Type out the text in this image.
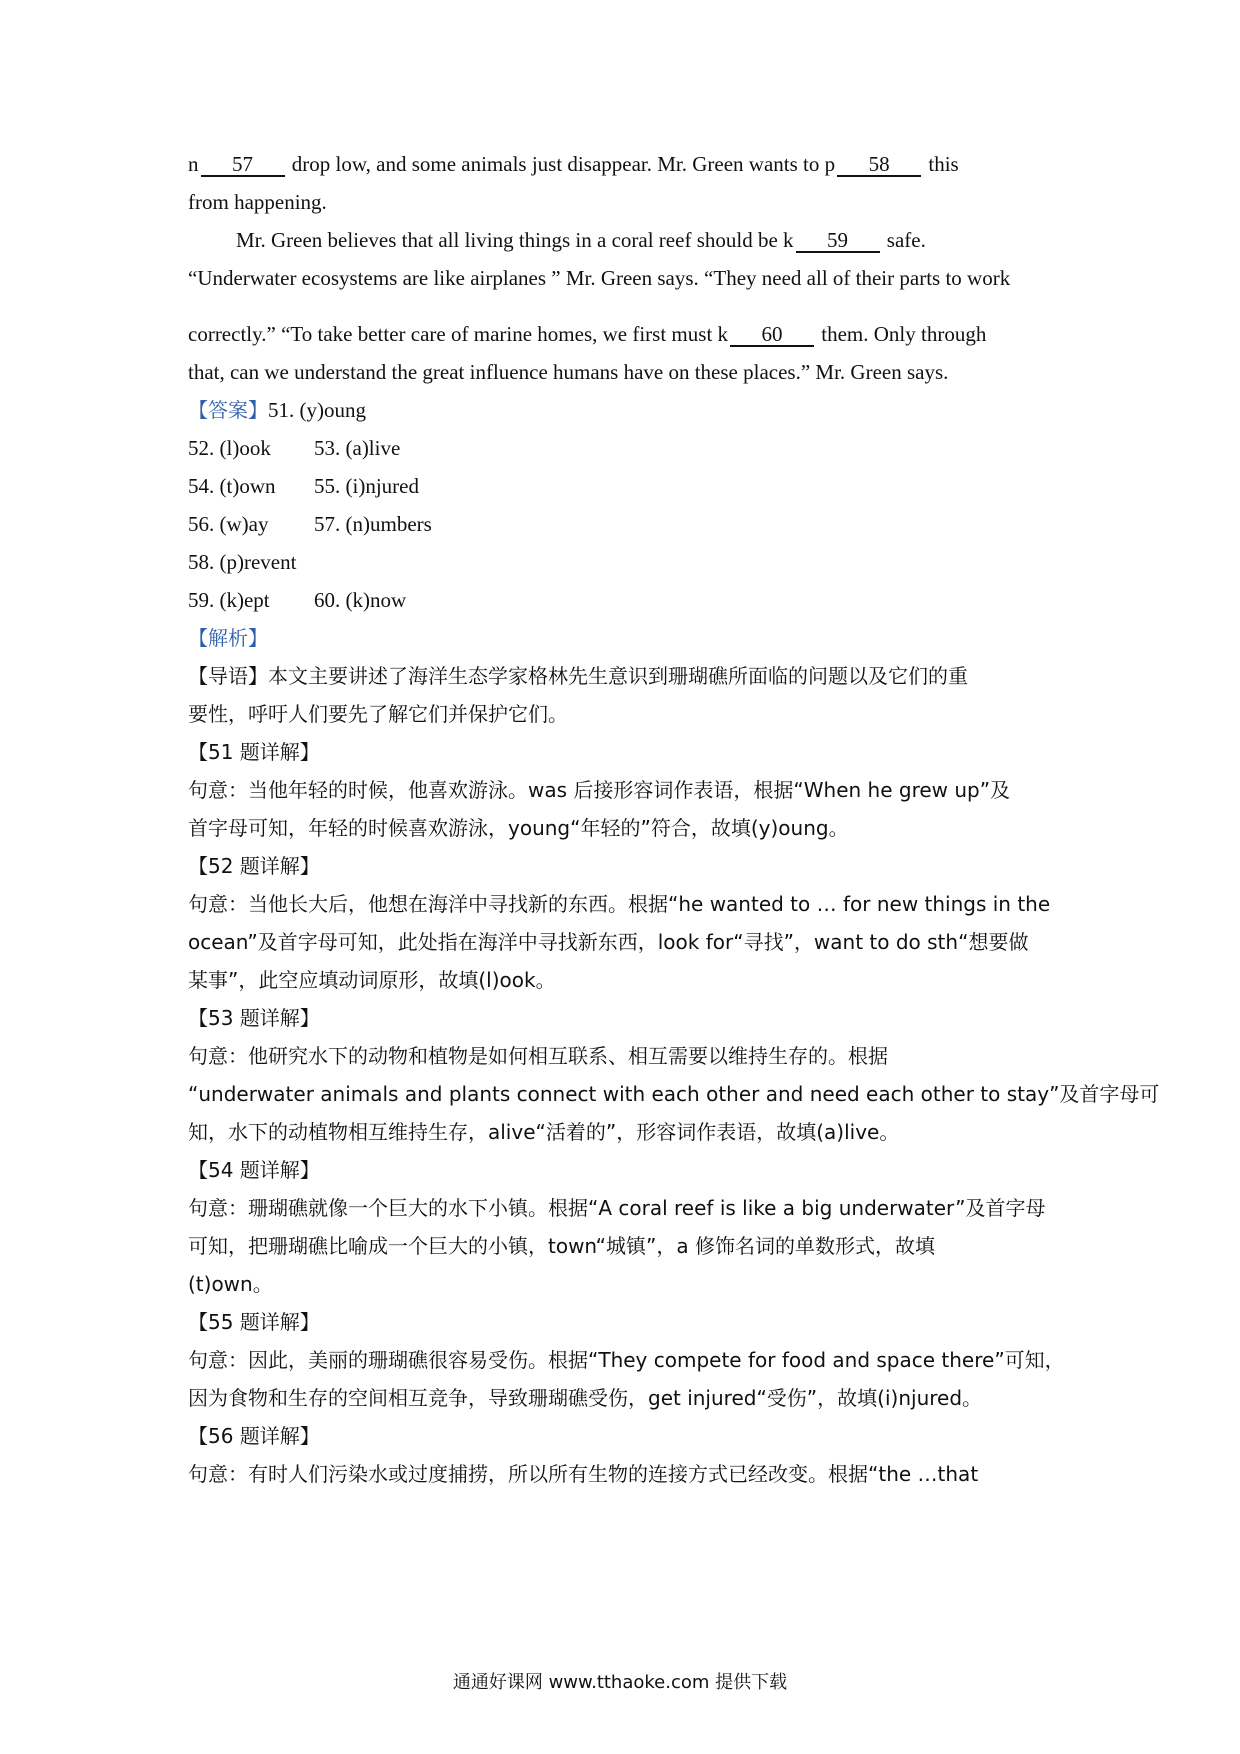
n 57 drop low, and some animals just disappear. Mr. Green wants to p 58 this
from happening.
Mr. Green believes that all living things in a coral reef should be k 59 safe.
“Underwater ecosystems are like airplanes ” Mr. Green says. “They need all of their parts to work
correctly.” “To take better care of marine homes, we first must k 60 them. Only through
that, can we understand the great influence humans have on these places.” Mr. Green says.
【答案】51. (y)oung
52. (l)ook 53. (a)live
54. (t)own 55. (i)njured
56. (w)ay 57. (n)umbers
58. (p)revent
59. (k)ept 60. (k)now
【解析】
【导语】本文主要讲述了海洋生态学家格林先生意识到珊瑚礁所面临的问题以及它们的重
要性，呼吁人们要先了解它们并保护它们。
【51 题详解】
句意：当他年轻的时候，他喜欢游泳。was 后接形容词作表语，根据“When he grew up”及
首字母可知，年轻的时候喜欢游泳，young“年轻的”符合，故填(y)oung。
【52 题详解】
句意：当他长大后，他想在海洋中寻找新的东西。根据“he wanted to … for new things in the
ocean”及首字母可知，此处指在海洋中寻找新东西，look for“寻找”，want to do sth“想要做
某事”，此空应填动词原形，故填(l)ook。
【53 题详解】
句意：他研究水下的动物和植物是如何相互联系、相互需要以维持生存的。根据
“underwater animals and plants connect with each other and need each other to stay”及首字母可
知，水下的动植物相互维持生存，alive“活着的”，形容词作表语，故填(a)live。
【54 题详解】
句意：珊瑚礁就像一个巨大的水下小镇。根据“A coral reef is like a big underwater”及首字母
可知，把珊瑚礁比喻成一个巨大的小镇，town“城镇”，a 修饰名词的单数形式，故填
(t)own。
【55 题详解】
句意：因此，美丽的珊瑚礁很容易受伤。根据“They compete for food and space there”可知，
因为食物和生存的空间相互竞争，导致珊瑚礁受伤，get injured“受伤”，故填(i)njured。
【56 题详解】
句意：有时人们污染水或过度捕捞，所以所有生物的连接方式已经改变。根据“the …that
通通好课网 www.tthaoke.com 提供下载
